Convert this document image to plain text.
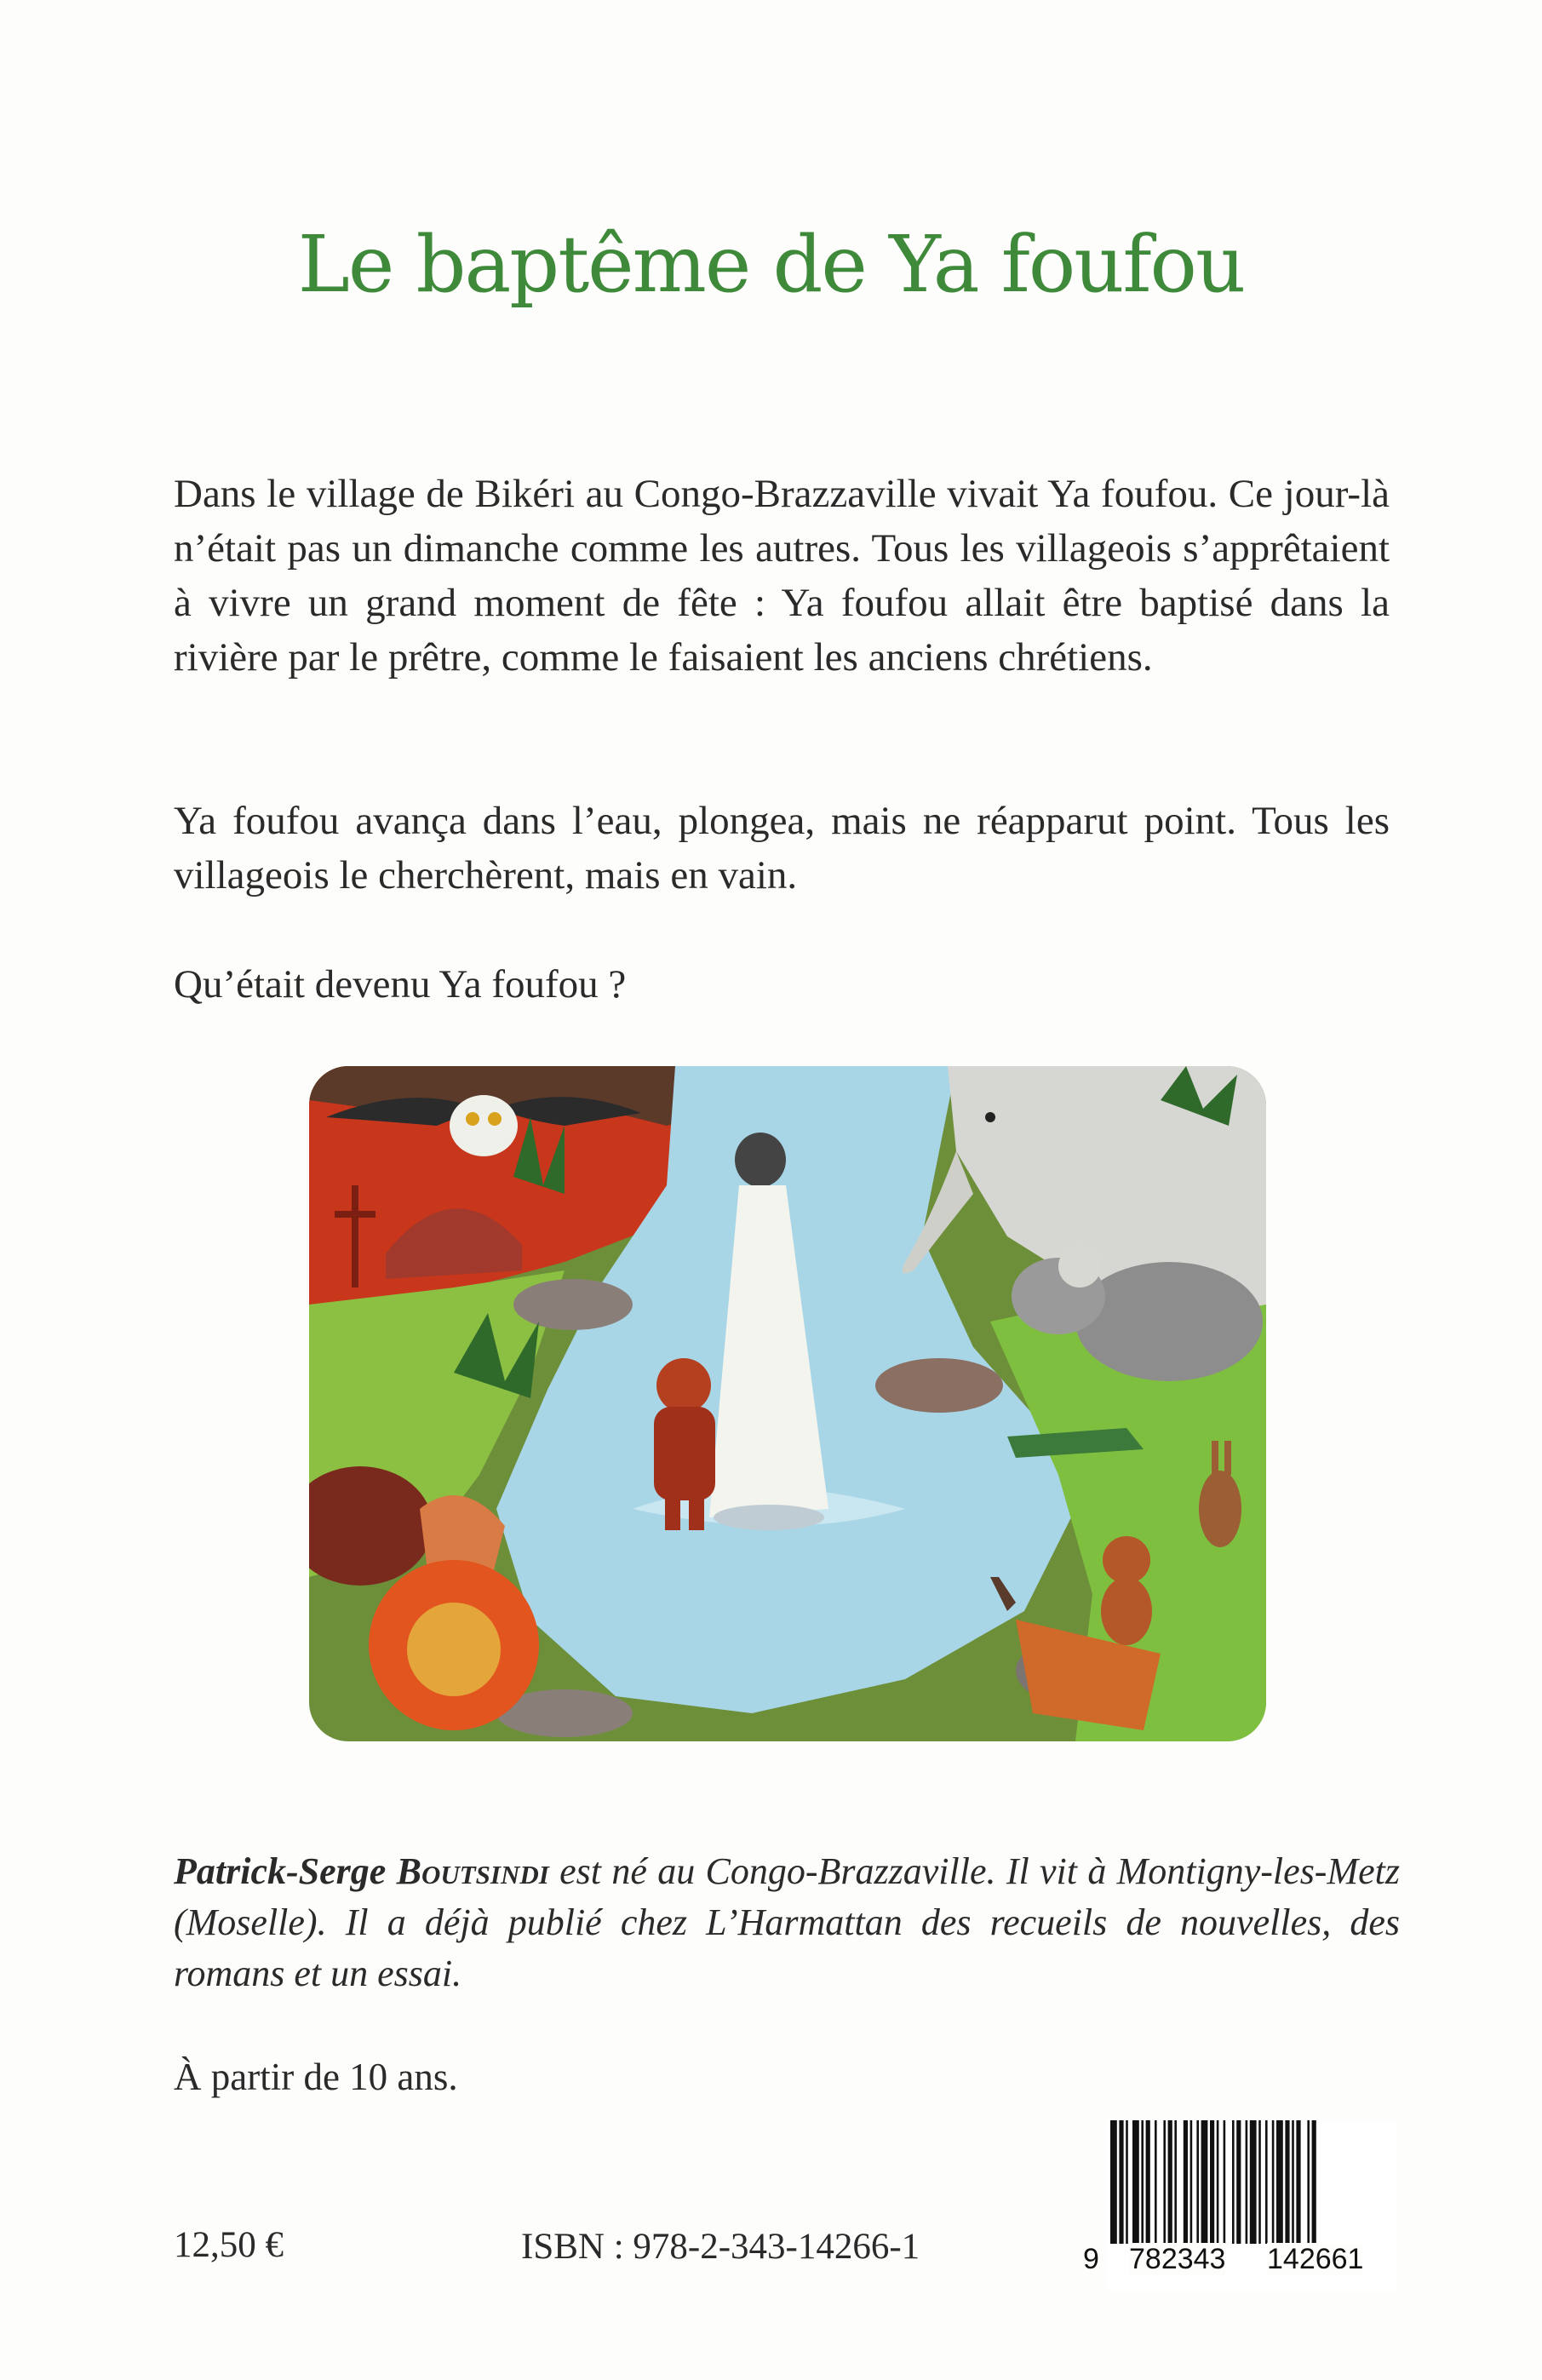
Le baptême de Ya foufou

Dans le village de Bikéri au Congo-Brazzaville vivait Ya foufou. Ce jour-là n’était pas un dimanche comme les autres. Tous les villageois s’apprêtaient à vivre un grand moment de fête : Ya foufou allait être baptisé dans la rivière par le prêtre, comme le faisaient les anciens chrétiens.

Ya foufou avança dans l’eau, plongea, mais ne réapparut point. Tous les villageois le cherchèrent, mais en vain.

Qu’était devenu Ya foufou ?

Patrick-Serge Boutsindi est né au Congo-Brazzaville. Il vit à Montigny-les-Metz (Moselle). Il a déjà publié chez L’Harmattan des recueils de nouvelles, des romans et un essai.

À partir de 10 ans.
12,50 €	ISBN : 978-2-343-14266-1	9 782343 142661
